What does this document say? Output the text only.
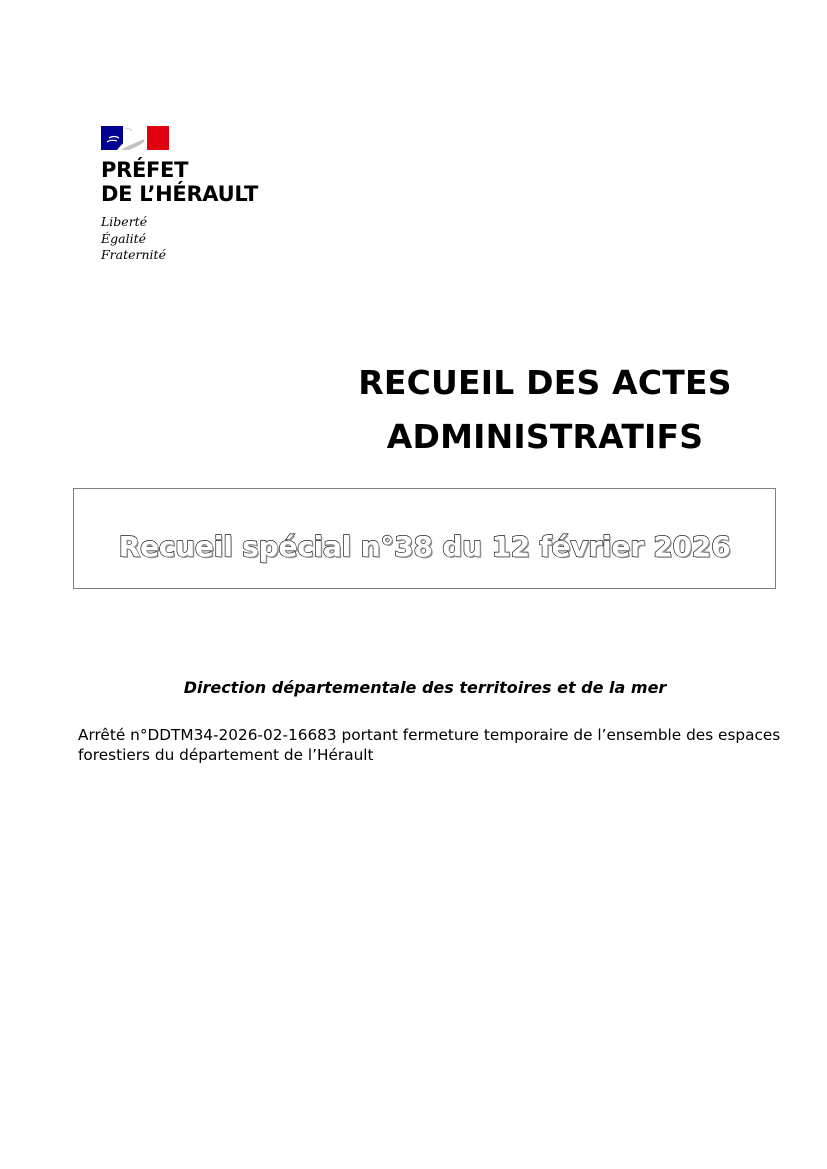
PRÉFET
DE L’HÉRAULT
Liberté
Égalité
Fraternité
RECUEIL DES ACTES
ADMINISTRATIFS
Recueil spécial n°38 du 12 février 2026
Direction départementale des territoires et de la mer
Arrêté n°DDTM34-2026-02-16683 portant fermeture temporaire de l’ensemble des espaces forestiers du département de l’Hérault
